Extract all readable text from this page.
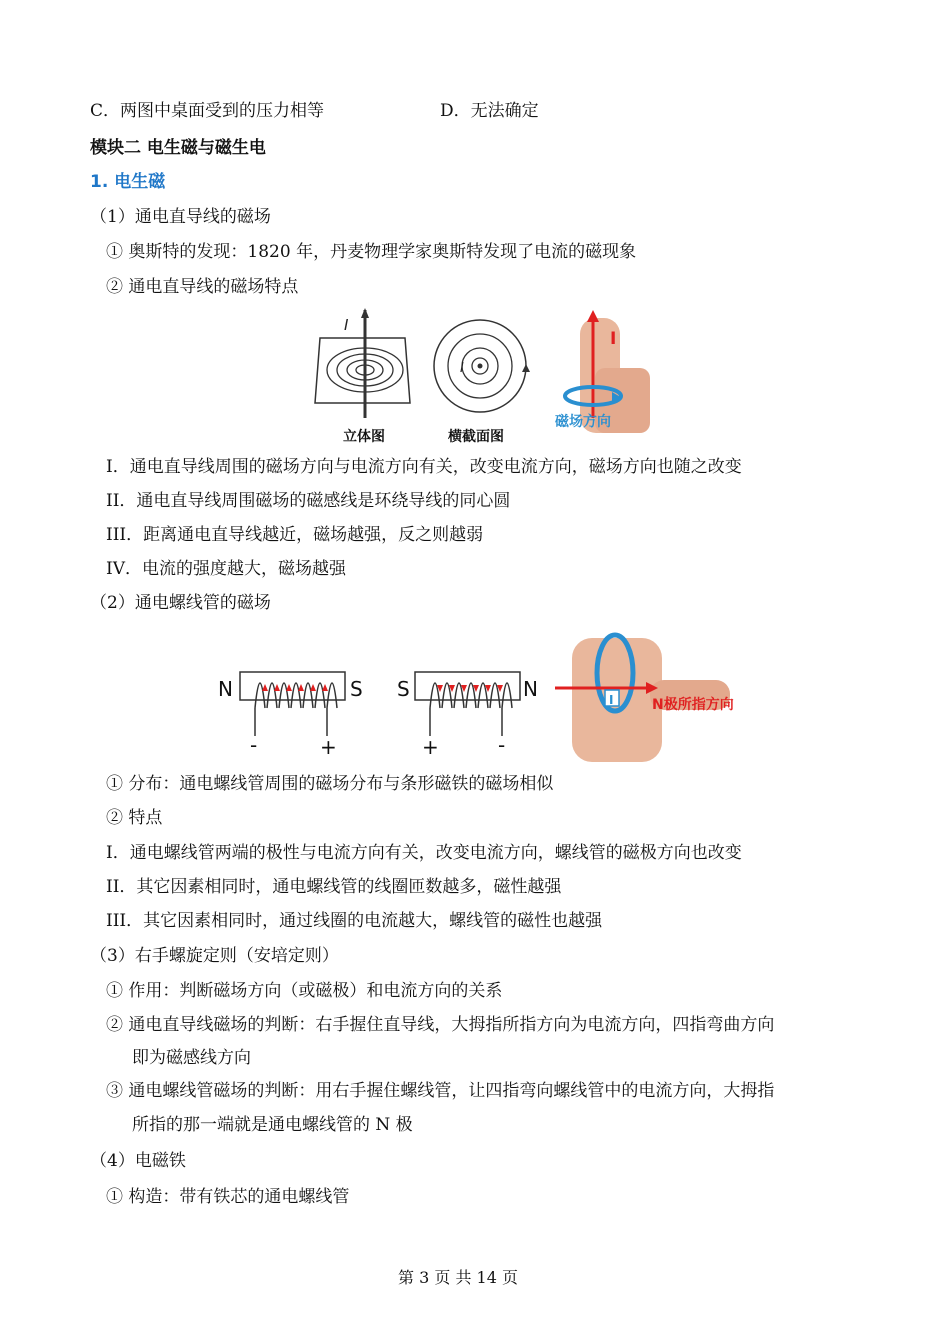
C．两图中桌面受到的压力相等	D．无法确定
模块二 电生磁与磁生电
1. 电生磁
（1）通电直导线的磁场
① 奥斯特的发现：1820 年，丹麦物理学家奥斯特发现了电流的磁现象
② 通电直导线的磁场特点
I
I
I
磁场方向
立体图	横截面图
I．通电直导线周围的磁场方向与电流方向有关，改变电流方向，磁场方向也随之改变
II．通电直导线周围磁场的磁感线是环绕导线的同心圆
III．距离通电直导线越近，磁场越强，反之则越弱
IV．电流的强度越大，磁场越强
（2）通电螺线管的磁场
N	S
-	+
S	N
+	-
I	N极所指方向
① 分布：通电螺线管周围的磁场分布与条形磁铁的磁场相似
② 特点
I．通电螺线管两端的极性与电流方向有关，改变电流方向，螺线管的磁极方向也改变
II．其它因素相同时，通电螺线管的线圈匝数越多，磁性越强
III．其它因素相同时，通过线圈的电流越大，螺线管的磁性也越强
（3）右手螺旋定则（安培定则）
① 作用：判断磁场方向（或磁极）和电流方向的关系
② 通电直导线磁场的判断：右手握住直导线，大拇指所指方向为电流方向，四指弯曲方向
即为磁感线方向
③ 通电螺线管磁场的判断：用右手握住螺线管，让四指弯向螺线管中的电流方向，大拇指
所指的那一端就是通电螺线管的 N 极
（4）电磁铁
① 构造：带有铁芯的通电螺线管
第 3 页 共 14 页
